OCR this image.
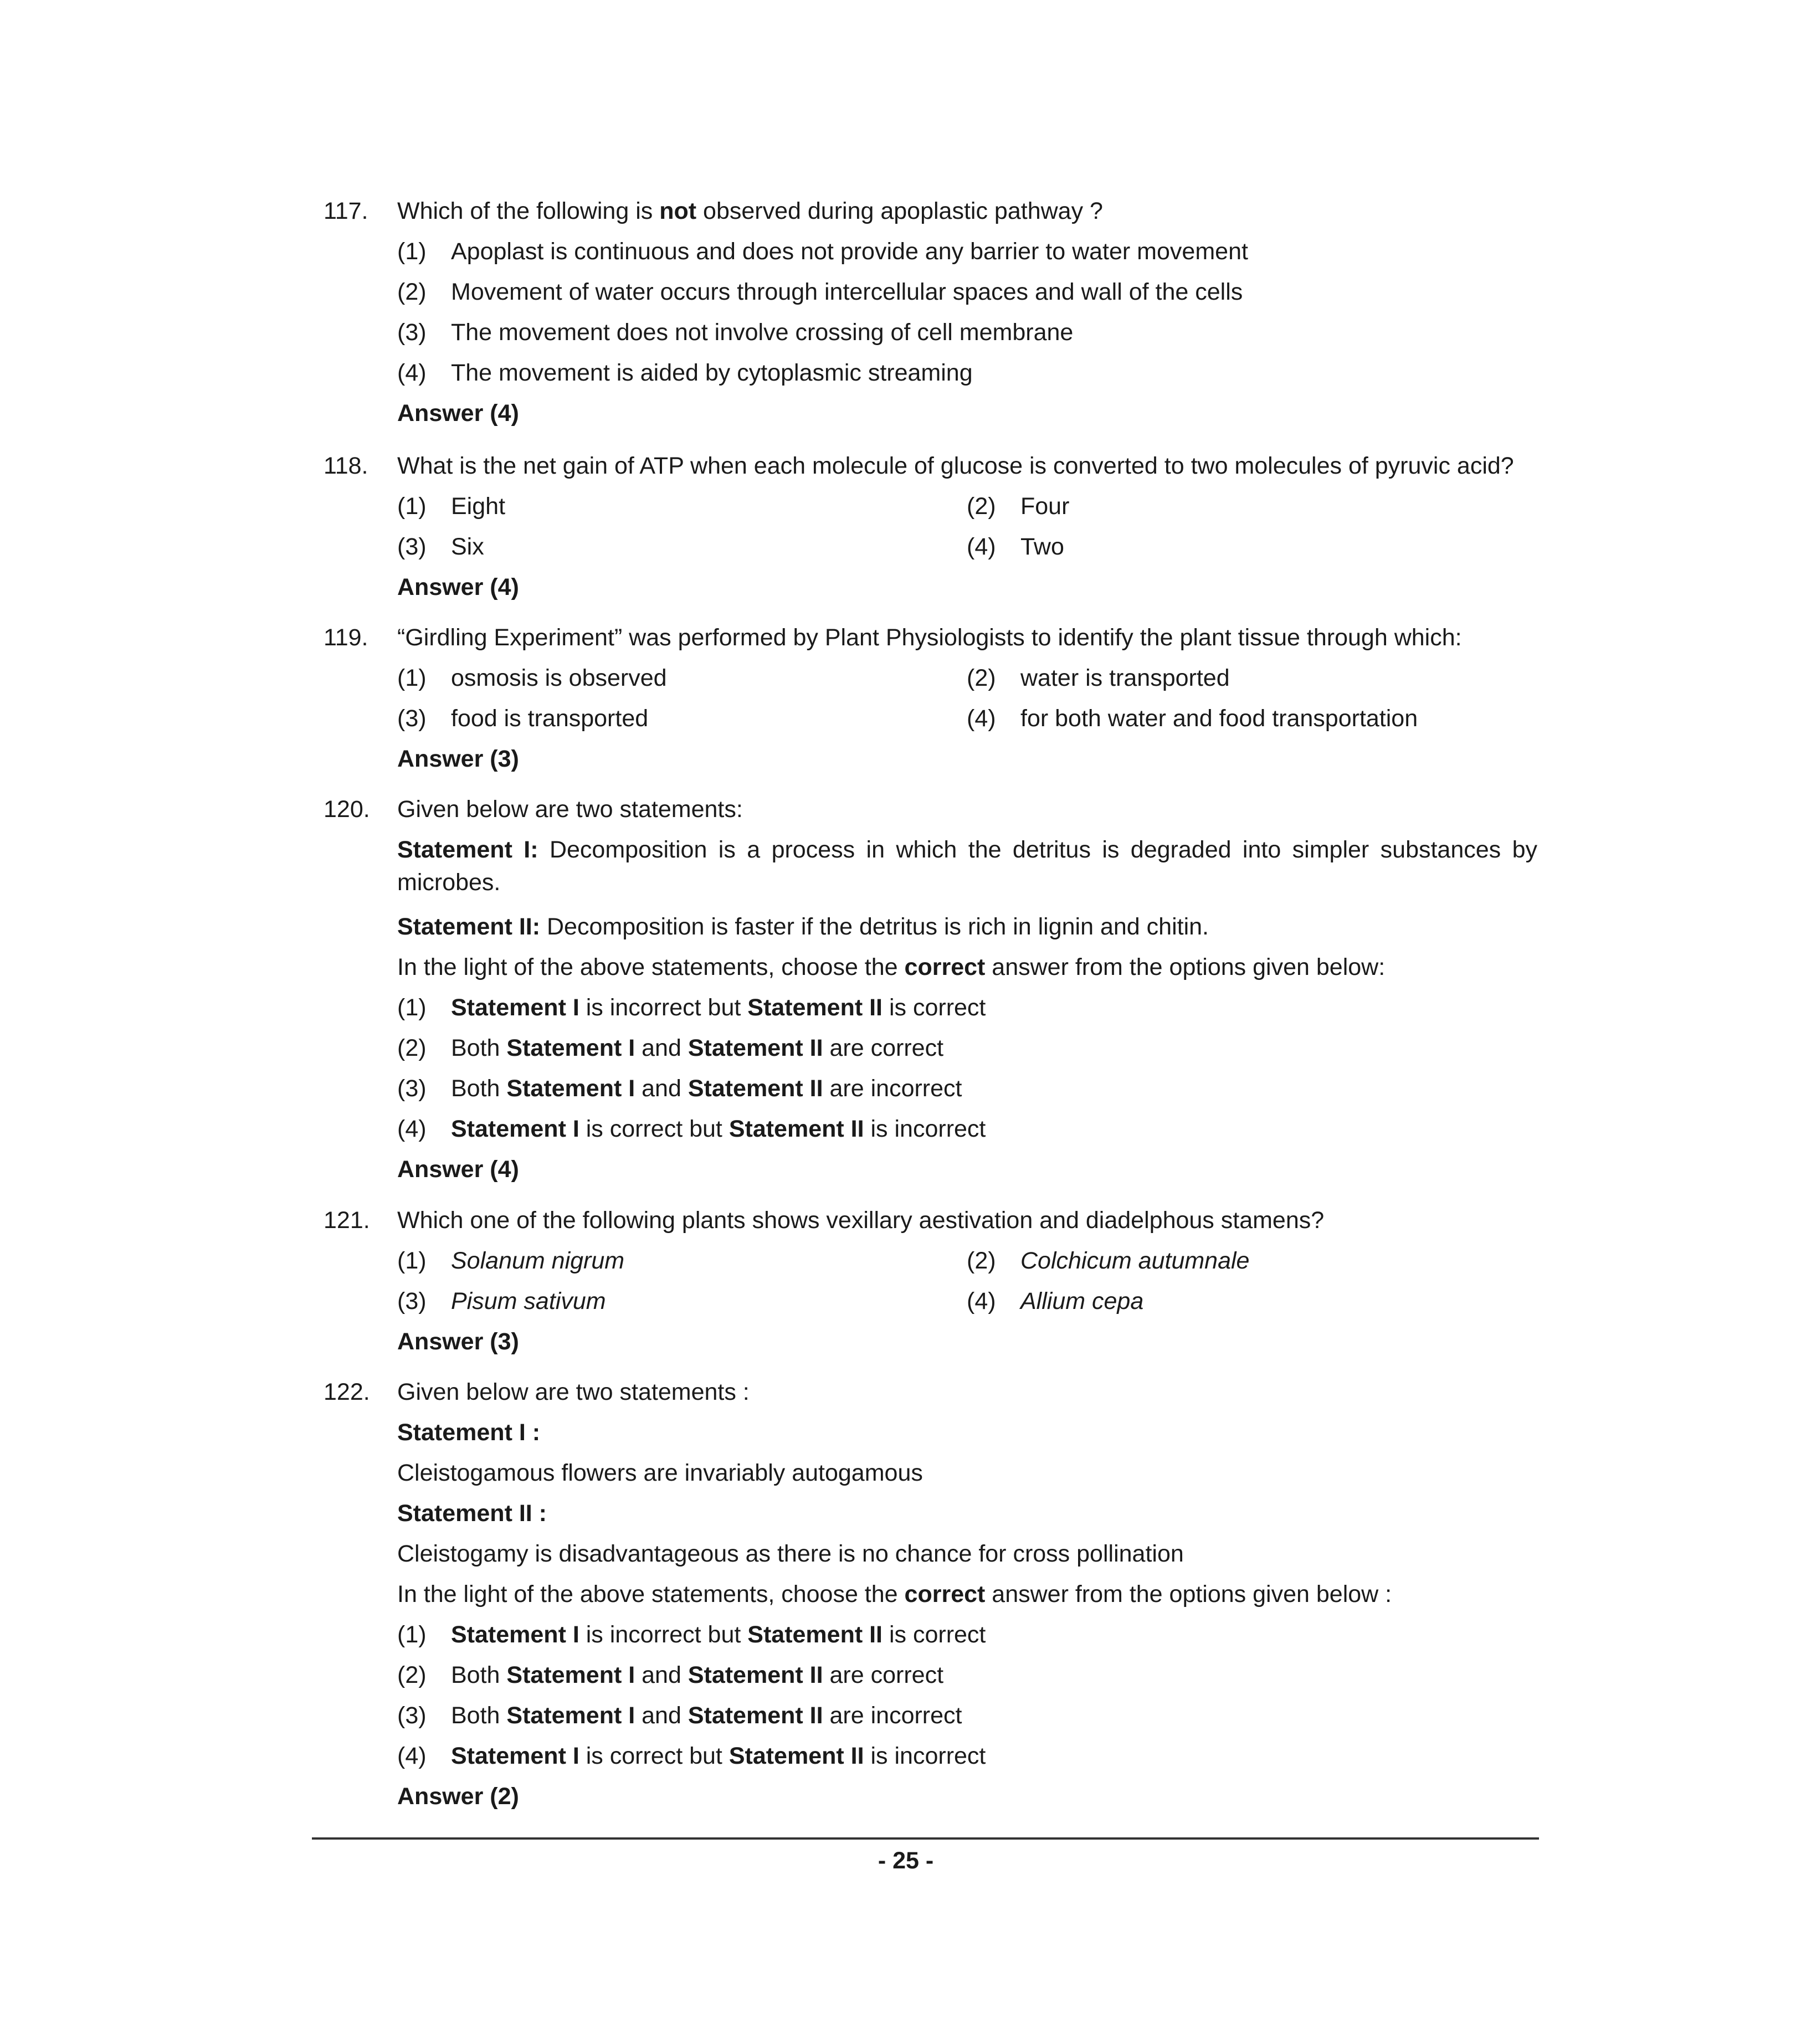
117.	Which of the following is not observed during apoplastic pathway ?
(1)	Apoplast is continuous and does not provide any barrier to water movement
(2)	Movement of water occurs through intercellular spaces and wall of the cells
(3)	The movement does not involve crossing of cell membrane
(4)	The movement is aided by cytoplasmic streaming
Answer (4)
118.	What is the net gain of ATP when each molecule of glucose is converted to two molecules of pyruvic acid?
(1) Eight	(2) Four
(3) Six	(4) Two
Answer (4)
119.	“Girdling Experiment” was performed by Plant Physiologists to identify the plant tissue through which:
(1) osmosis is observed	(2) water is transported
(3) food is transported	(4) for both water and food transportation
Answer (3)
120.	Given below are two statements:
Statement I: Decomposition is a process in which the detritus is degraded into simpler substances by microbes.
Statement II: Decomposition is faster if the detritus is rich in lignin and chitin.
In the light of the above statements, choose the correct answer from the options given below:
(1)	Statement I is incorrect but Statement II is correct
(2)	Both Statement I and Statement II are correct
(3)	Both Statement I and Statement II are incorrect
(4)	Statement I is correct but Statement II is incorrect
Answer (4)
121.	Which one of the following plants shows vexillary aestivation and diadelphous stamens?
(1) Solanum nigrum	(2) Colchicum autumnale
(3) Pisum sativum	(4) Allium cepa
Answer (3)
122.	Given below are two statements :
Statement I :
Cleistogamous flowers are invariably autogamous
Statement II :
Cleistogamy is disadvantageous as there is no chance for cross pollination
In the light of the above statements, choose the correct answer from the options given below :
(1)	Statement I is incorrect but Statement II is correct
(2)	Both Statement I and Statement II are correct
(3)	Both Statement I and Statement II are incorrect
(4)	Statement I is correct but Statement II is incorrect
Answer (2)
- 25 -
